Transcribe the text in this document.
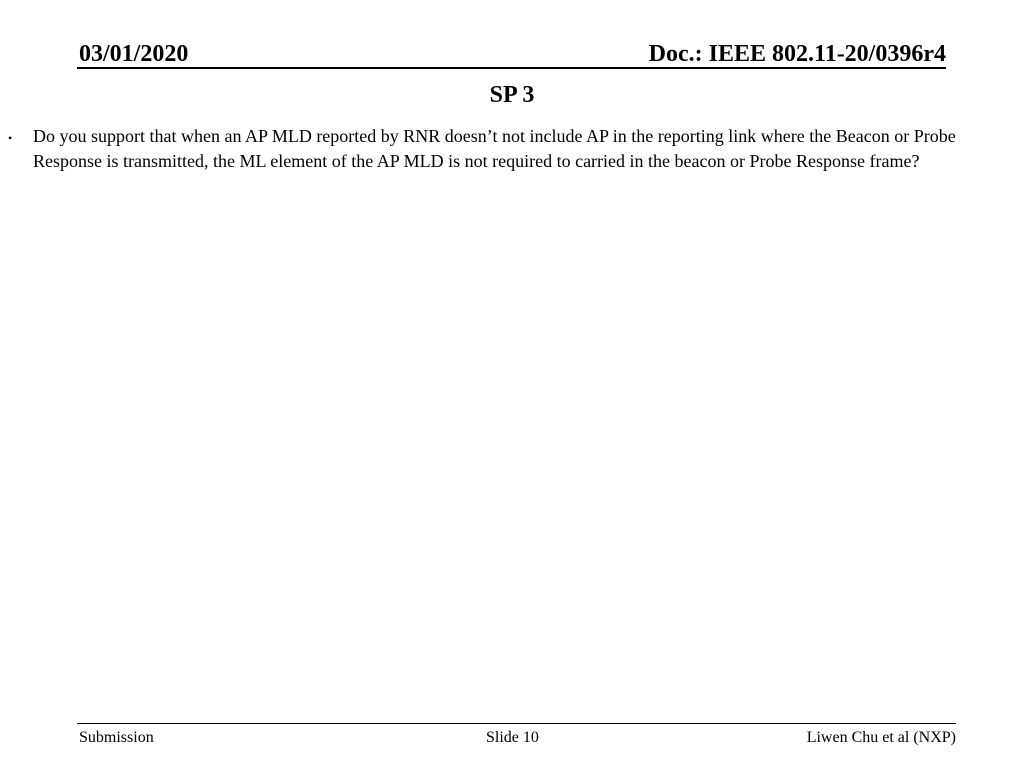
03/01/2020	Doc.: IEEE 802.11-20/0396r4
SP 3
• Do you support that when an AP MLD reported by RNR doesn’t not include AP in the reporting link where the Beacon or Probe Response is transmitted, the ML element of the AP MLD is not required to carried in the beacon or Probe Response frame?
Submission	Slide 10	Liwen Chu et al (NXP)
